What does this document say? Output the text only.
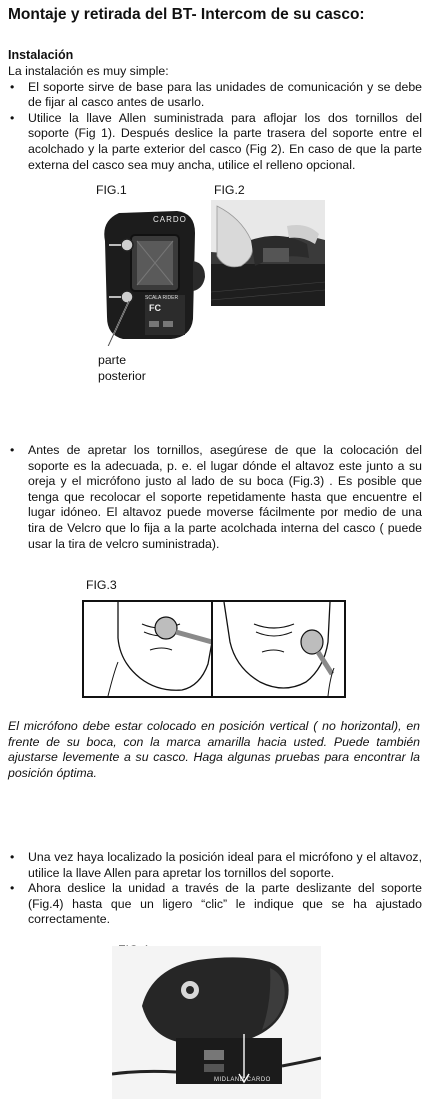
Montaje y retirada del BT- Intercom de su casco:
Instalación
La instalación es muy simple:
• El soporte sirve de base para las unidades de comunicación y se debe de fijar al casco antes de usarlo.
• Utilice la llave Allen suministrada para aflojar los dos tornillos del soporte (Fig 1). Después deslice la parte trasera del soporte entre el acolchado y la parte exterior del casco (Fig 2). En caso de que la parte externa del casco sea muy ancha, utilice el relleno opcional.
FIG.1
CARDO
SCALA RIDER
FC
parte
posterior
FIG.2
• Antes de apretar los tornillos, asegúrese de que la colocación del soporte es la adecuada, p. e. el lugar dónde el altavoz este junto a su oreja y el micrófono justo al lado de su boca (Fig.3) . Es posible que tenga que recolocar el soporte repetidamente hasta que encuentre el lugar idóneo. El altavoz puede moverse fácilmente por medio de una tira de Velcro que lo fija a la parte acolchada interna del casco ( puede usar la tira de velcro suministrada).
FIG.3
El micrófono debe estar colocado en posición vertical ( no horizontal), en frente de su boca, con la marca amarilla hacia usted. Puede también ajustarse levemente a su casco. Haga algunas pruebas para encontrar la posición óptima.
• Una vez haya localizado la posición ideal para el micrófono y el altavoz, utilice la llave Allen para apretar los tornillos del soporte.
• Ahora deslice la unidad a través de la parte deslizante del soporte (Fig.4) hasta que un ligero “clic” le indique que se ha ajustado correctamente.
MIDLAND CARDO
